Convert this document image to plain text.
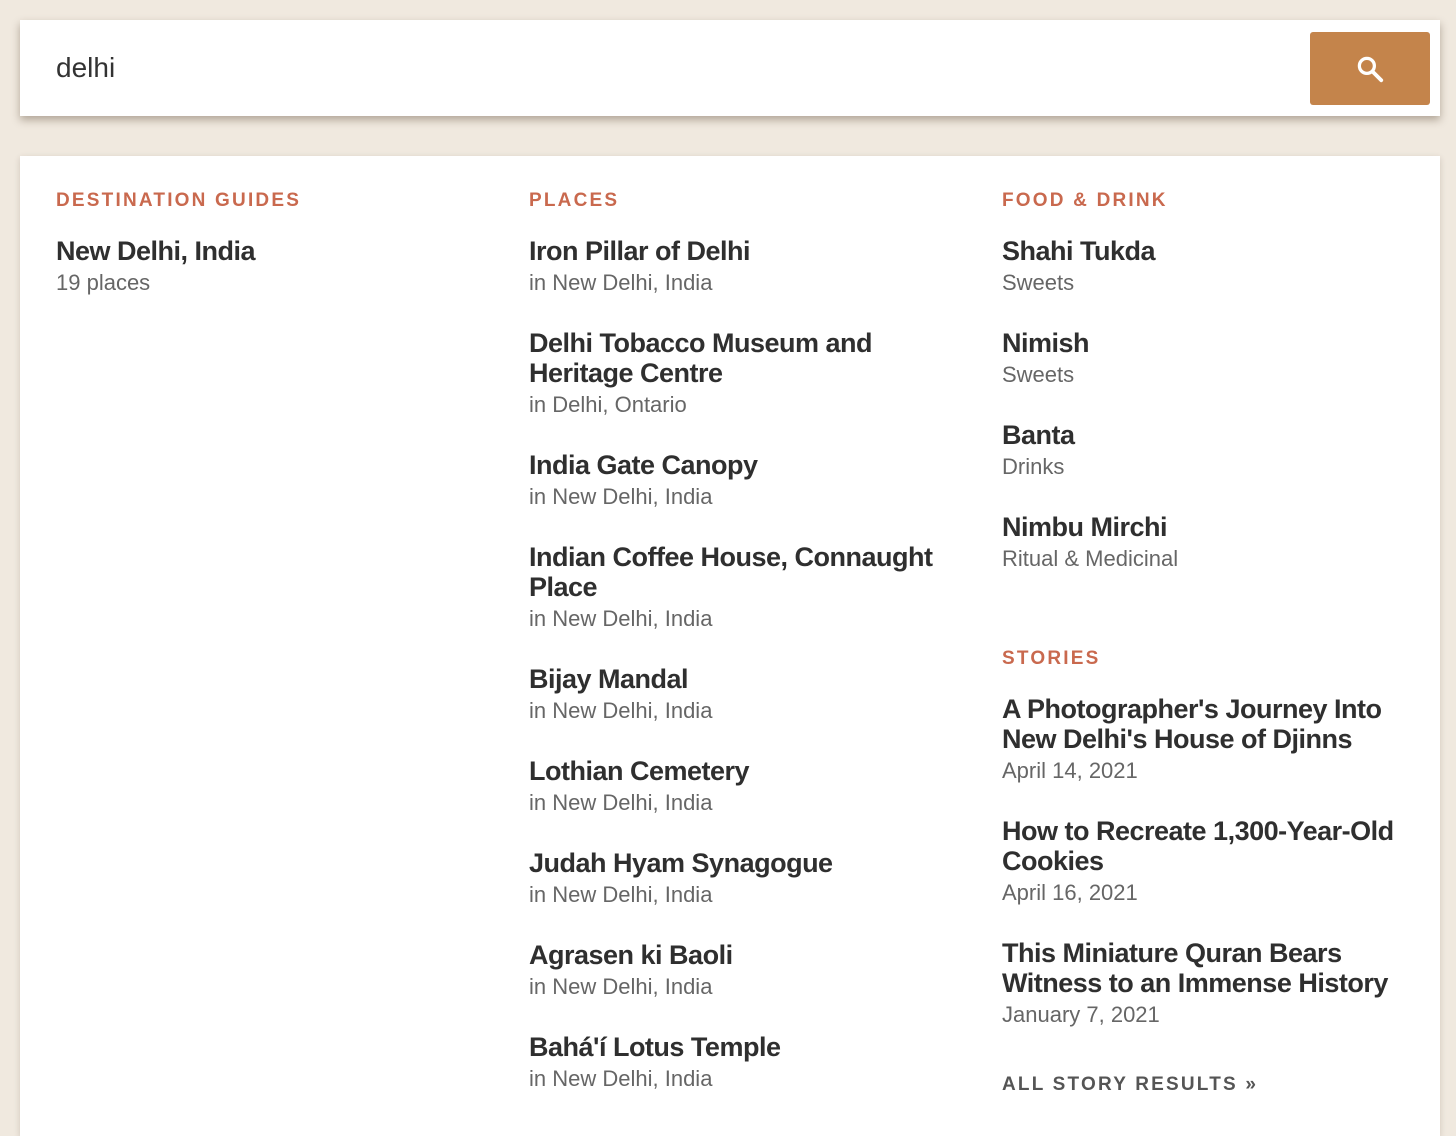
delhi
DESTINATION GUIDES
New Delhi, India
19 places
PLACES
Iron Pillar of Delhi
in New Delhi, India
Delhi Tobacco Museum and Heritage Centre
in Delhi, Ontario
India Gate Canopy
in New Delhi, India
Indian Coffee House, Connaught Place
in New Delhi, India
Bijay Mandal
in New Delhi, India
Lothian Cemetery
in New Delhi, India
Judah Hyam Synagogue
in New Delhi, India
Agrasen ki Baoli
in New Delhi, India
Bahá'í Lotus Temple
in New Delhi, India
FOOD & DRINK
Shahi Tukda
Sweets
Nimish
Sweets
Banta
Drinks
Nimbu Mirchi
Ritual & Medicinal
STORIES
A Photographer's Journey Into New Delhi's House of Djinns
April 14, 2021
How to Recreate 1,300-Year-Old Cookies
April 16, 2021
This Miniature Quran Bears Witness to an Immense History
January 7, 2021
ALL STORY RESULTS »
